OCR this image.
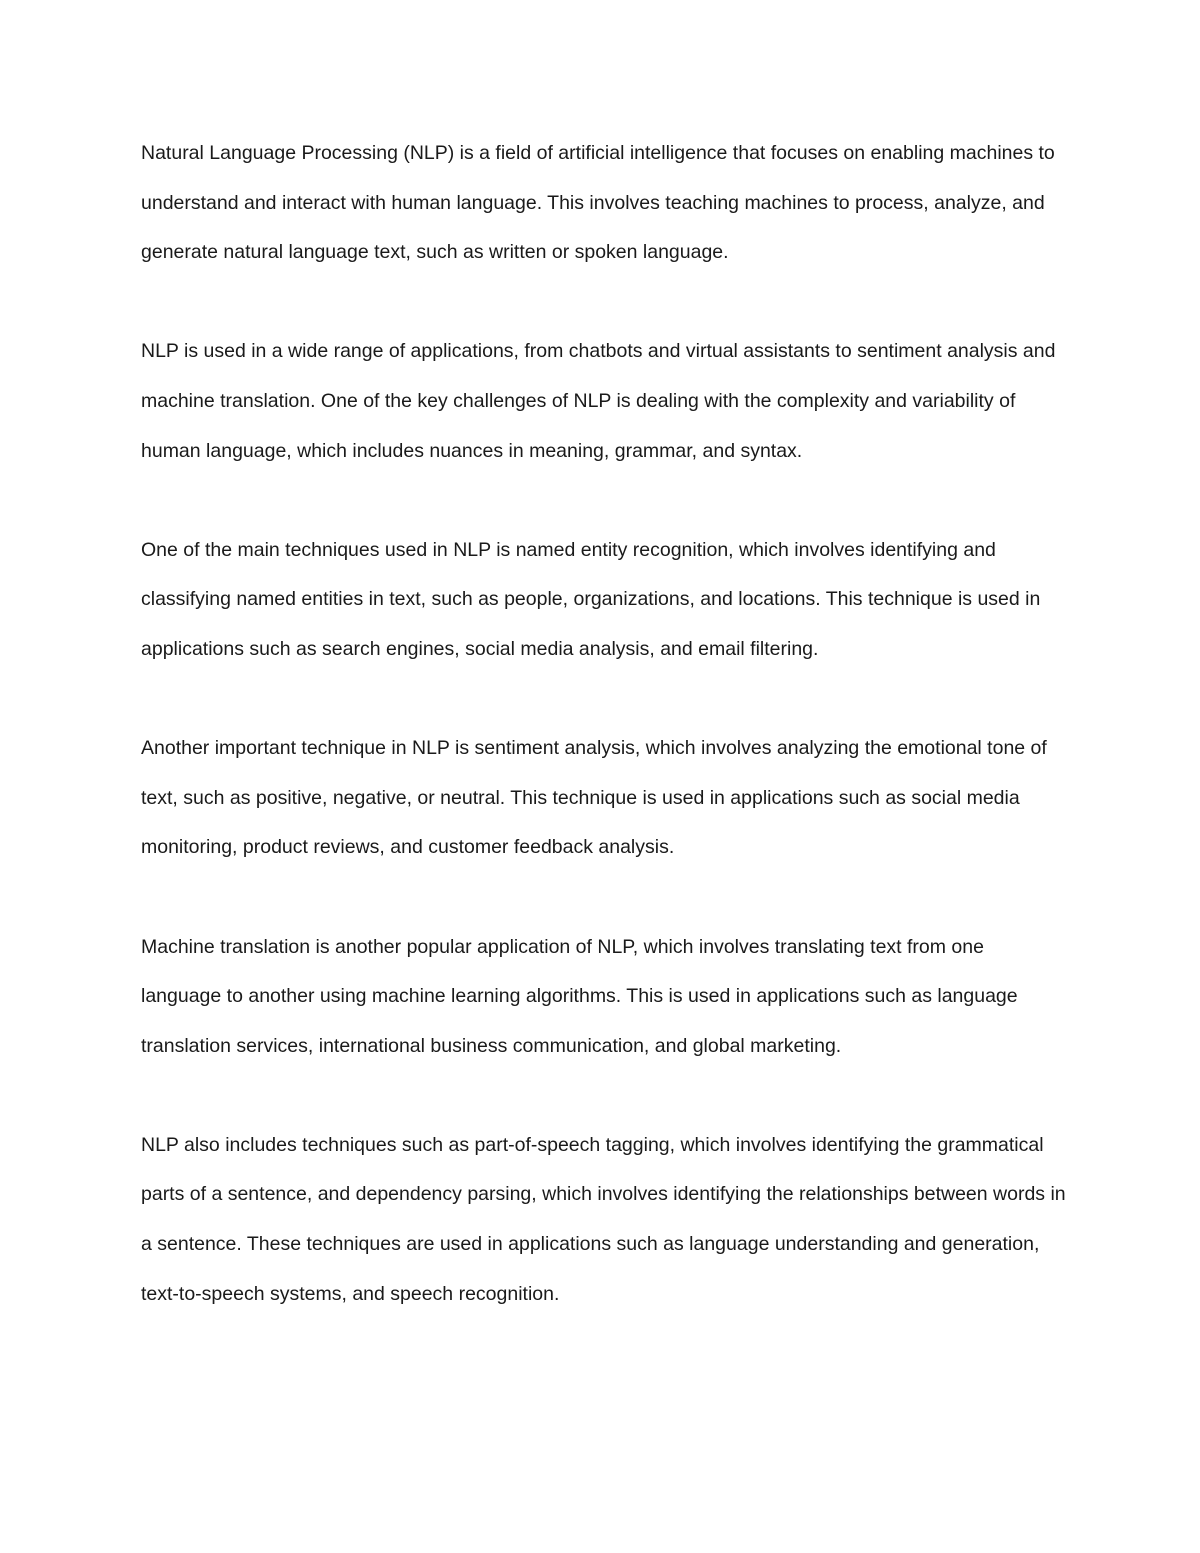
Natural Language Processing (NLP) is a field of artificial intelligence that focuses on enabling machines to understand and interact with human language. This involves teaching machines to process, analyze, and generate natural language text, such as written or spoken language.

NLP is used in a wide range of applications, from chatbots and virtual assistants to sentiment analysis and machine translation. One of the key challenges of NLP is dealing with the complexity and variability of human language, which includes nuances in meaning, grammar, and syntax.

One of the main techniques used in NLP is named entity recognition, which involves identifying and classifying named entities in text, such as people, organizations, and locations. This technique is used in applications such as search engines, social media analysis, and email filtering.

Another important technique in NLP is sentiment analysis, which involves analyzing the emotional tone of text, such as positive, negative, or neutral. This technique is used in applications such as social media monitoring, product reviews, and customer feedback analysis.

Machine translation is another popular application of NLP, which involves translating text from one language to another using machine learning algorithms. This is used in applications such as language translation services, international business communication, and global marketing.

NLP also includes techniques such as part-of-speech tagging, which involves identifying the grammatical parts of a sentence, and dependency parsing, which involves identifying the relationships between words in a sentence. These techniques are used in applications such as language understanding and generation, text-to-speech systems, and speech recognition.
